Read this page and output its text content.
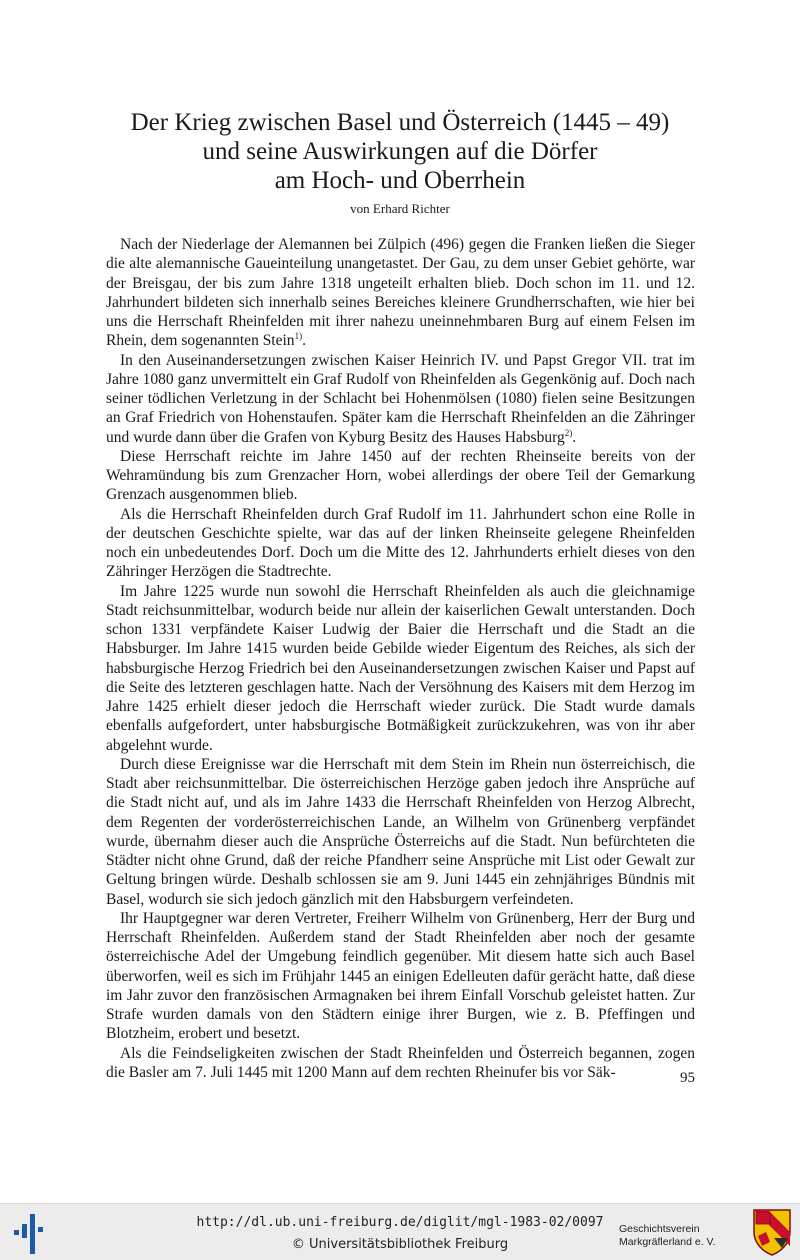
Der Krieg zwischen Basel und Österreich (1445 – 49)
und seine Auswirkungen auf die Dörfer
am Hoch- und Oberrhein
von Erhard Richter

Nach der Niederlage der Alemannen bei Zülpich (496) gegen die Franken ließen die Sieger die alte alemannische Gaueinteilung unangetastet. Der Gau, zu dem unser Gebiet gehörte, war der Breisgau, der bis zum Jahre 1318 ungeteilt erhalten blieb. Doch schon im 11. und 12. Jahrhundert bildeten sich innerhalb seines Bereiches kleinere Grundherrschaften, wie hier bei uns die Herrschaft Rheinfelden mit ihrer nahezu uneinnehmbaren Burg auf einem Felsen im Rhein, dem sogenannten Stein$^{1)}$.

In den Auseinandersetzungen zwischen Kaiser Heinrich IV. und Papst Gregor VII. trat im Jahre 1080 ganz unvermittelt ein Graf Rudolf von Rheinfelden als Gegenkönig auf. Doch nach seiner tödlichen Verletzung in der Schlacht bei Hohenmölsen (1080) fielen seine Besitzungen an Graf Friedrich von Hohenstaufen. Später kam die Herrschaft Rheinfelden an die Zähringer und wurde dann über die Grafen von Kyburg Besitz des Hauses Habsburg$^{2)}$.

Diese Herrschaft reichte im Jahre 1450 auf der rechten Rheinseite bereits von der Wehramündung bis zum Grenzacher Horn, wobei allerdings der obere Teil der Gemarkung Grenzach ausgenommen blieb.

Als die Herrschaft Rheinfelden durch Graf Rudolf im 11. Jahrhundert schon eine Rolle in der deutschen Geschichte spielte, war das auf der linken Rheinseite gelegene Rheinfelden noch ein unbedeutendes Dorf. Doch um die Mitte des 12. Jahrhunderts erhielt dieses von den Zähringer Herzögen die Stadtrechte.

Im Jahre 1225 wurde nun sowohl die Herrschaft Rheinfelden als auch die gleichnamige Stadt reichsunmittelbar, wodurch beide nur allein der kaiserlichen Gewalt unterstanden. Doch schon 1331 verpfändete Kaiser Ludwig der Baier die Herrschaft und die Stadt an die Habsburger. Im Jahre 1415 wurden beide Gebilde wieder Eigentum des Reiches, als sich der habsburgische Herzog Friedrich bei den Auseinandersetzungen zwischen Kaiser und Papst auf die Seite des letzteren geschlagen hatte. Nach der Versöhnung des Kaisers mit dem Herzog im Jahre 1425 erhielt dieser jedoch die Herrschaft wieder zurück. Die Stadt wurde damals ebenfalls aufgefordert, unter habsburgische Botmäßigkeit zurückzukehren, was von ihr aber abgelehnt wurde.

Durch diese Ereignisse war die Herrschaft mit dem Stein im Rhein nun österreichisch, die Stadt aber reichsunmittelbar. Die österreichischen Herzöge gaben jedoch ihre Ansprüche auf die Stadt nicht auf, und als im Jahre 1433 die Herrschaft Rheinfelden von Herzog Albrecht, dem Regenten der vorderösterreichischen Lande, an Wilhelm von Grünenberg verpfändet wurde, übernahm dieser auch die Ansprüche Österreichs auf die Stadt. Nun befürchteten die Städter nicht ohne Grund, daß der reiche Pfandherr seine Ansprüche mit List oder Gewalt zur Geltung bringen würde. Deshalb schlossen sie am 9. Juni 1445 ein zehnjähriges Bündnis mit Basel, wodurch sie sich jedoch gänzlich mit den Habsburgern verfeindeten.

Ihr Hauptgegner war deren Vertreter, Freiherr Wilhelm von Grünenberg, Herr der Burg und Herrschaft Rheinfelden. Außerdem stand der Stadt Rheinfelden aber noch der gesamte österreichische Adel der Umgebung feindlich gegenüber. Mit diesem hatte sich auch Basel überworfen, weil es sich im Frühjahr 1445 an einigen Edelleuten dafür gerächt hatte, daß diese im Jahr zuvor den französischen Armagnaken bei ihrem Einfall Vorschub geleistet hatten. Zur Strafe wurden damals von den Städtern einige ihrer Burgen, wie z. B. Pfeffingen und Blotzheim, erobert und besetzt.

Als die Feindseligkeiten zwischen der Stadt Rheinfelden und Österreich begannen, zogen die Basler am 7. Juli 1445 mit 1200 Mann auf dem rechten Rheinufer bis vor Säk-	95
http://dl.ub.uni-freiburg.de/diglit/mgl-1983-02/0097
© Universitätsbibliothek Freiburg
Geschichtsverein
Markgräflerland e. V.
